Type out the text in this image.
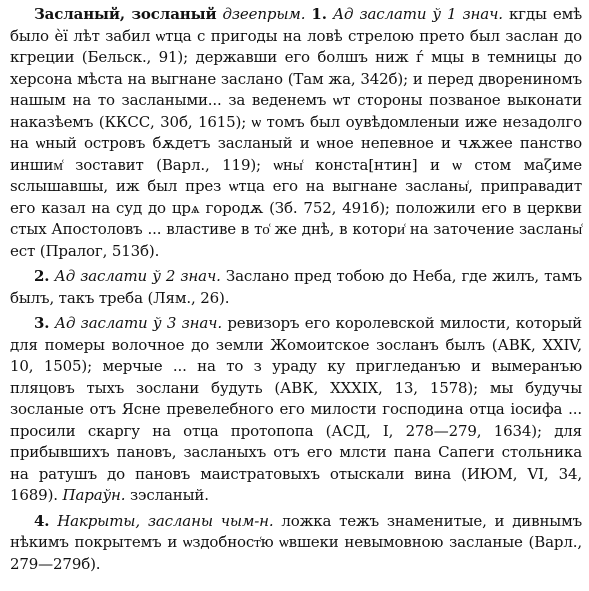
Засланый, зосланый дзеeпрым. 1. Ад заслати ў 1 знач. кгды емѣ было ѐї лѣт забил ѡтца с пригоды на ловѣ стрелою прето был заслан до кгреции (Бельск., 91); державши его болшъ ниж ѓ мцы в темницы до херсона мѣста на выгнане заслано (Там жа, 342б); и перед дворениномъ нашым на то заслаными... за веденемъ ѡт стороны позваное выконати наказѣемъ (ККСС, 30б, 1615); ѡ томъ был оувѣдомленыи иже незадолго на ѡный островъ бѫдетъ засланый и ѡное непевное и чѫжее панство иншим͑ зоставит (Варл., 119); ѡны͑ конста[нтин] и ѡ стом маζиме ѕслышавшы, иж был през ѡтца его на выгнане засланы͑, приправадит его казал на суд до црѧ городѫ (Зб. 752, 491б); положили его в церкви стых Апостоловъ ... властиве в то͑ же днѣ, в котори͑ на заточение засланы͑ ест (Пралог, 513б).

2. Ад заслати ў 2 знач. Заслано пред тобою до Неба, где жилъ, тамъ былъ, такъ треба (Лям., 26).

3. Ад заслати ў 3 знач. ревизоръ его королевской милости, который для померы волочное до земли Жомоитское зосланъ былъ (АВК, XXIV, 10, 1505); мерчые ... на то з ураду ку пригледанъю и вымеранъю пляцовъ тыхъ зослани будуть (АВК, XXXIX, 13, 1578); мы будучы зосланые отъ Ясне превелебного его милости господина отца іосифа ... просили скаргу на отца протопопа (АСД, I, 278—279, 1634); для прибывшихъ пановъ, засланыхъ отъ его млсти пана Сапеги стольника на ратушъ до пановъ маистратовыхъ отыскали вина (ИЮМ, VI, 34, 1689). Параўн. зэсланый.

4. Накрыты, засланы чым-н. ложка тежъ знаменитые, и дивнымъ нѣкимъ покрытемъ и ѡздобност͑ю ѡвшеки невымовною засланые (Варл., 279—279б).
